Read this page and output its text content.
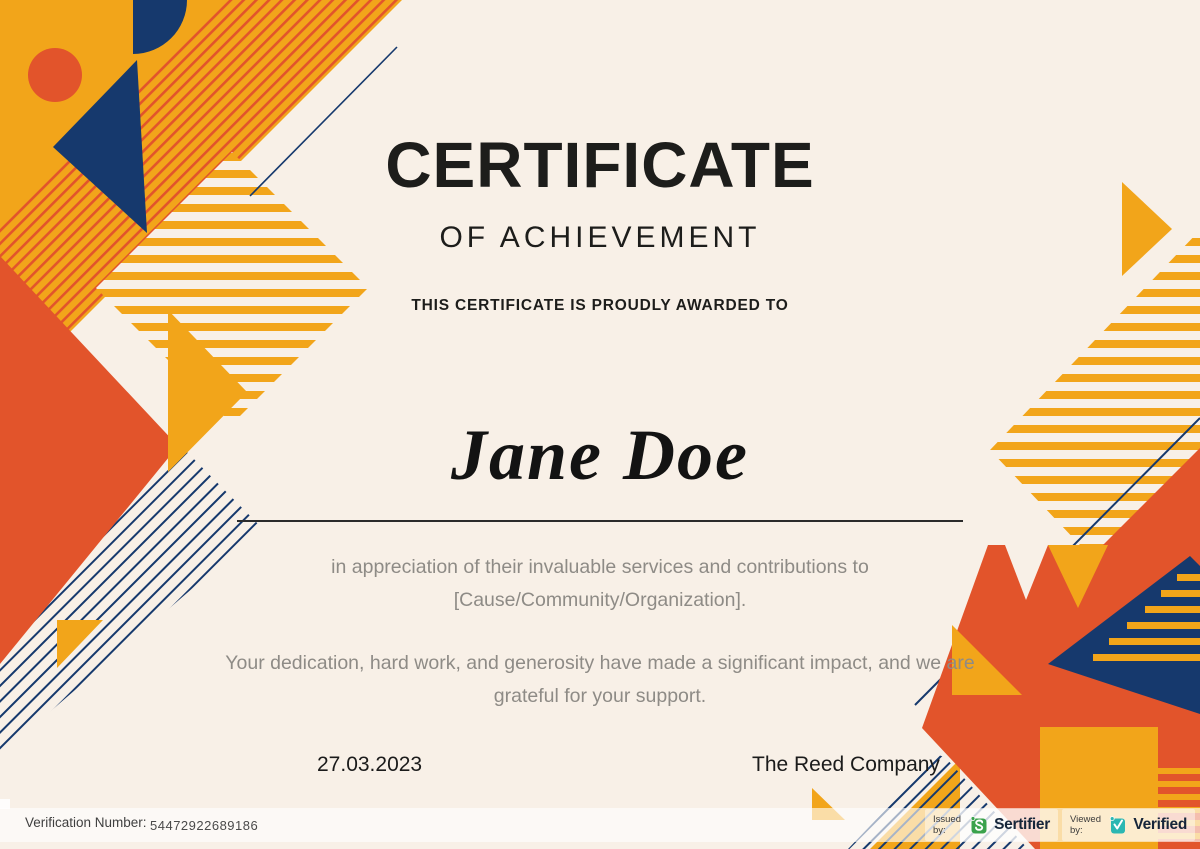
CERTIFICATE
OF ACHIEVEMENT
THIS CERTIFICATE IS PROUDLY AWARDED TO
Jane Doe
in appreciation of their invaluable services and contributions to [Cause/Community/Organization].
Your dedication, hard work, and generosity have made a significant impact, and we are grateful for your support.
27.03.2023	The Reed Company
Verification Number: 54472922689186	Issued by:	Sertifier Viewed by:	Verified
